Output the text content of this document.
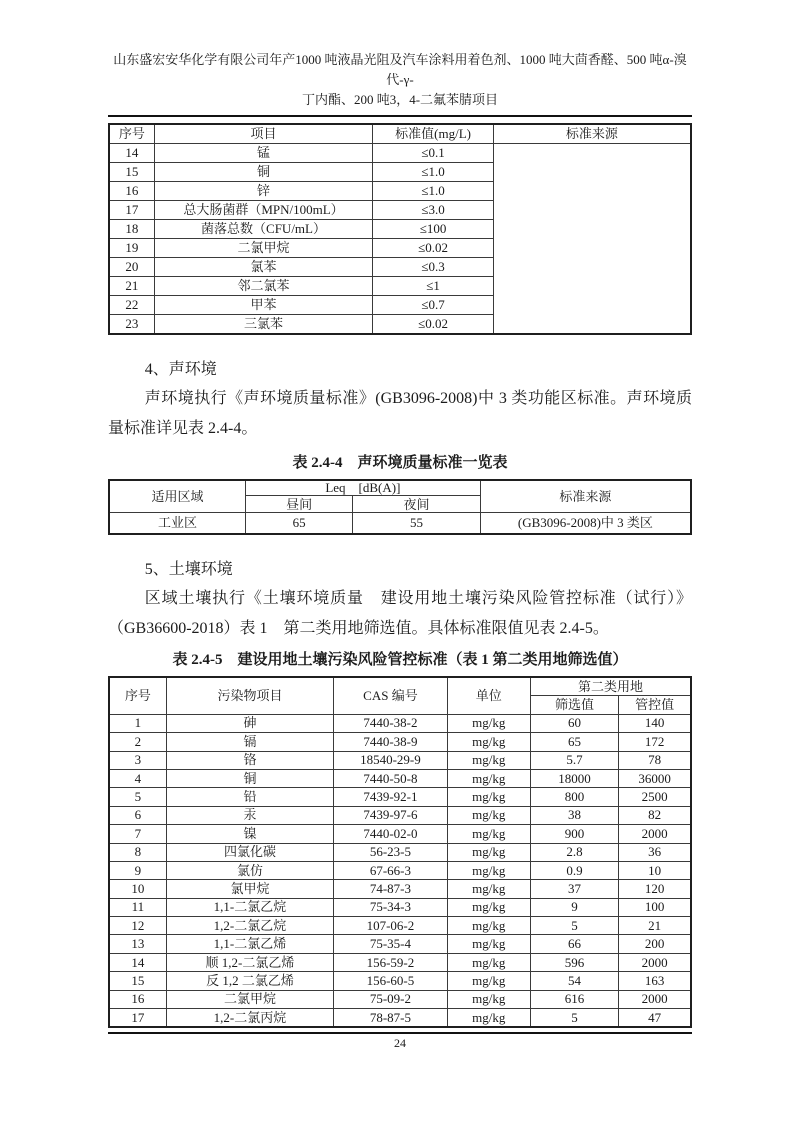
山东盛宏安华化学有限公司年产1000 吨液晶光阻及汽车涂料用着色剂、1000 吨大茴香醛、500 吨α-溴代-γ-
丁内酯、200 吨3，4-二氟苯腈项目
序号	项目	标准值(mg/L)	标准来源
14	锰	≤0.1	
15	铜	≤1.0	
16	锌	≤1.0	
17	总大肠菌群（MPN/100mL）	≤3.0	
18	菌落总数（CFU/mL）	≤100	
19	二氯甲烷	≤0.02	
20	氯苯	≤0.3	
21	邻二氯苯	≤1	
22	甲苯	≤0.7	
23	三氯苯	≤0.02	
4、声环境
声环境执行《声环境质量标准》(GB3096-2008)中 3 类功能区标准。声环境质量标准详见表 2.4-4。
表 2.4-4　声环境质量标准一览表
适用区域	Leq　[dB(A)]		标准来源
	昼间	夜间	
工业区	65	55	(GB3096-2008)中 3 类区
5、土壤环境
区域土壤执行《土壤环境质量　建设用地土壤污染风险管控标准（试行）》（GB36600-2018）表 1　第二类用地筛选值。具体标准限值见表 2.4-5。
表 2.4-5　建设用地土壤污染风险管控标准（表 1 第二类用地筛选值）
序号	污染物项目	CAS 编号	单位	第二类用地	
				筛选值	管控值
1	砷	7440-38-2	mg/kg	60	140
2	镉	7440-38-9	mg/kg	65	172
3	铬	18540-29-9	mg/kg	5.7	78
4	铜	7440-50-8	mg/kg	18000	36000
5	铅	7439-92-1	mg/kg	800	2500
6	汞	7439-97-6	mg/kg	38	82
7	镍	7440-02-0	mg/kg	900	2000
8	四氯化碳	56-23-5	mg/kg	2.8	36
9	氯仿	67-66-3	mg/kg	0.9	10
10	氯甲烷	74-87-3	mg/kg	37	120
11	1,1-二氯乙烷	75-34-3	mg/kg	9	100
12	1,2-二氯乙烷	107-06-2	mg/kg	5	21
13	1,1-二氯乙烯	75-35-4	mg/kg	66	200
14	顺 1,2-二氯乙烯	156-59-2	mg/kg	596	2000
15	反 1,2 二氯乙烯	156-60-5	mg/kg	54	163
16	二氯甲烷	75-09-2	mg/kg	616	2000
17	1,2-二氯丙烷	78-87-5	mg/kg	5	47
24
